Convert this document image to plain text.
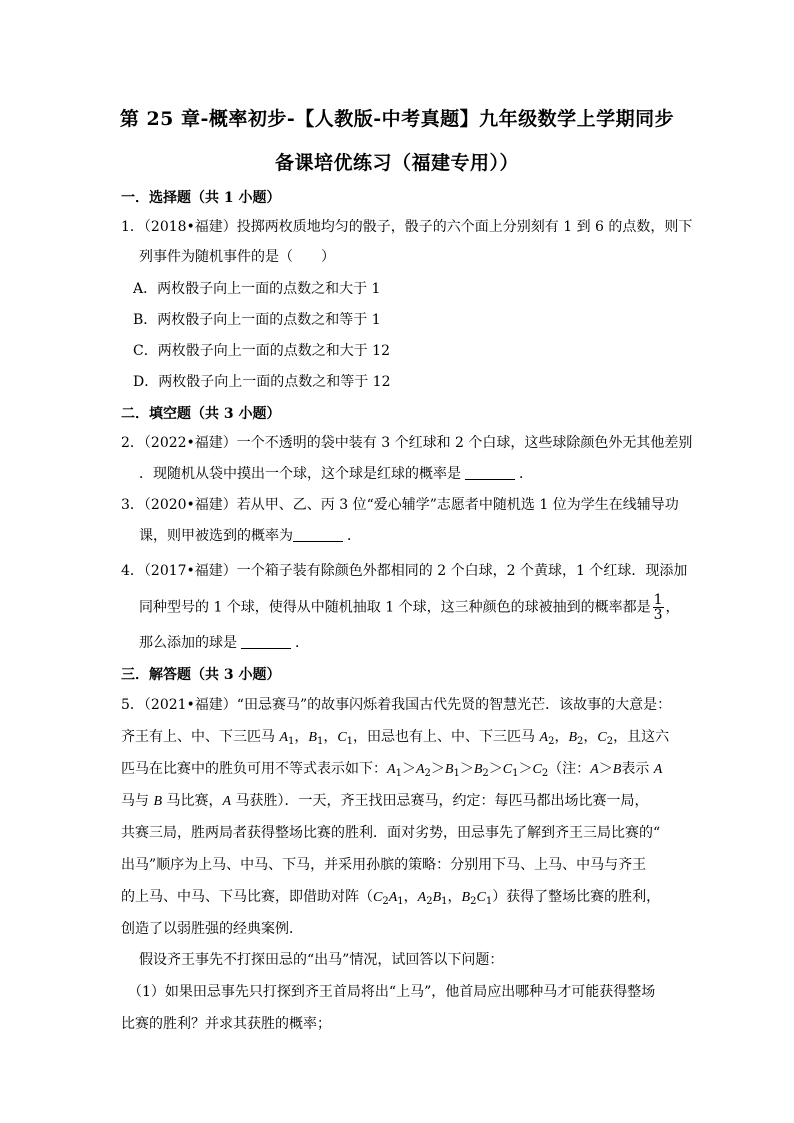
第 25 章-概率初步-【人教版-中考真题】九年级数学上学期同步
备课培优练习（福建专用））
一．选择题（共 1 小题）
1．（2018•福建）投掷两枚质地均匀的骰子，骰子的六个面上分别刻有 1 到 6 的点数，则下
列事件为随机事件的是（　　）
A．两枚骰子向上一面的点数之和大于 1
B．两枚骰子向上一面的点数之和等于 1
C．两枚骰子向上一面的点数之和大于 12
D．两枚骰子向上一面的点数之和等于 12
二．填空题（共 3 小题）
2．（2022•福建）一个不透明的袋中装有 3 个红球和 2 个白球，这些球除颜色外无其他差别
．现随机从袋中摸出一个球，这个球是红球的概率是	．
3．（2020•福建）若从甲、乙、丙 3 位“爱心辅学”志愿者中随机选 1 位为学生在线辅导功
课，则甲被选到的概率为	．
4．（2017•福建）一个箱子装有除颜色外都相同的 2 个白球，2 个黄球，1 个红球．现添加
同种型号的 1 个球，使得从中随机抽取 1 个球，这三种颜色的球被抽到的概率都是 $\frac{1}{3}$ ，
那么添加的球是	．
三．解答题（共 3 小题）
5．（2021•福建）“田忌赛马”的故事闪烁着我国古代先贤的智慧光芒．该故事的大意是：
齐王有上、中、下三匹马 $A_1$，$B_1$，$C_1$，田忌也有上、中、下三匹马 $A_2$，$B_2$，$C_2$，且这六
匹马在比赛中的胜负可用不等式表示如下：$A_1>A_2>B_1>B_2>C_1>C_2$（注：A＞B表示 A
马与 B 马比赛，A 马获胜）．一天，齐王找田忌赛马，约定：每匹马都出场比赛一局，
共赛三局，胜两局者获得整场比赛的胜利．面对劣势，田忌事先了解到齐王三局比赛的“
出马”顺序为上马、中马、下马，并采用孙膑的策略：分别用下马、上马、中马与齐王
的上马、中马、下马比赛，即借助对阵（$C_2A_1$，$A_2B_1$，$B_2C_1$）获得了整场比赛的胜利，
创造了以弱胜强的经典案例．
假设齐王事先不打探田忌的“出马”情况，试回答以下问题：
（1）如果田忌事先只打探到齐王首局将出“上马”，他首局应出哪种马才可能获得整场
比赛的胜利？并求其获胜的概率；
